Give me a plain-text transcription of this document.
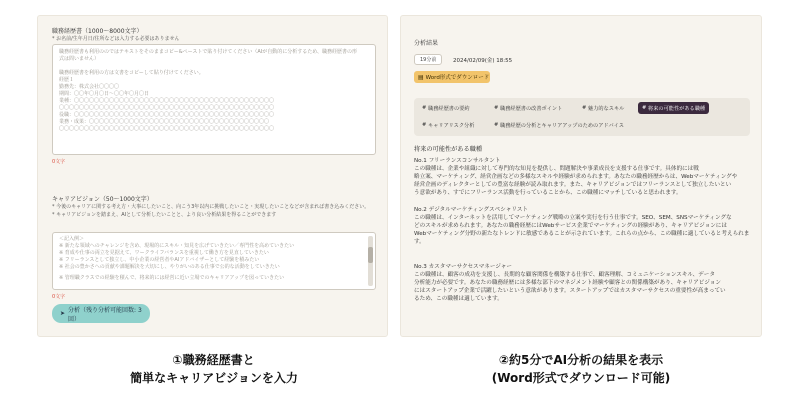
職務経歴書（1000〜8000文字）
* お名前/生年月日/住所などは入力する必要はありません
職務経歴書も利用ののではテキストをそのままコピー&ペーストで貼り付けてください（AIが自動的に分析するため、職務経歴書の形
式は問いません）
職務経歴書を利用の方は文書をコピーして貼り付けてください。
経歴１
勤務先：株式会社〇〇〇〇
期間：〇〇年〇月〇日〜〇〇年〇月〇日
業種：〇〇〇〇〇〇〇〇〇〇〇〇〇〇〇〇〇〇〇〇〇〇〇〇〇〇〇〇〇〇〇〇〇〇〇〇〇〇〇〇
〇〇〇〇〇〇〇〇〇〇〇〇〇〇〇〇〇〇〇〇〇〇〇〇〇〇〇〇〇〇〇〇〇〇〇〇〇〇〇〇〇〇〇
役職：〇〇〇〇〇〇〇〇〇〇〇〇〇〇〇〇〇〇〇〇〇〇〇〇〇〇〇〇〇〇〇〇〇〇〇〇〇〇〇〇
業務・成果：〇〇〇〇〇〇〇〇〇〇〇〇〇〇〇〇〇〇〇〇〇〇〇〇〇〇〇〇〇〇〇〇〇〇〇〇
〇〇〇〇〇〇〇〇〇〇〇〇〇〇〇〇〇〇〇〇〇〇〇〇〇〇〇〇〇〇〇〇〇〇〇〇〇〇〇〇〇〇〇
0文字
キャリアビジョン（50〜1000文字）
* 今後のキャリアに関する考え方・大事にしたいこと、向こう3年以内に挑戦したいこと・実現したいことなどが含まれば書き込みください。
* キャリアビジョンを踏まえ、AIとして分析したいことと、より良い分析結果を得ることができます
＜記入例＞
※ 新たな領域へのチャレンジを含め、現場的にスキル・知見を広げていきたい／専門性を高めていきたい
※ 育成や仕事の両立を見据えて、ワークライフバランスを重視して働き方を見直していきたい
※ フリーランスとして独立し、中小企業の経営者やAIアドバイザーとして経験を積みたい
※ 社会の豊かさへの貢献や課題解決を大切にし、やりがいのある仕事で公的な活動をしていきたい
※ 管理職クラスでの経験を積んで、将来的には経営に近い立場でのキャリアアップを図っていきたい
0文字
➤ 分析（残り分析可能回数: 3回）
分析結果
19分前	2024/02/09(金) 18:55
▤ Word形式でダウンロード
# 職務経歴書の要約	# 職務経歴書の改善ポイント	# 魅力的なスキル	# 将来の可能性がある職種
# キャリアリスク分析	# 職務経歴の分析とキャリアアップのためのアドバイス
将来の可能性がある職種
No.1 フリーランスコンサルタント
この職種は、企業や組織に対して専門的な知見を提供し、問題解決や事業成長を支援する仕事です。具体的には戦
略立案、マーケティング、経営企画などの多様なスキルや経験が求められます。あなたの職務経歴からは、Webマーケティングや
経営企画のディレクターとしての豊富な経験が読み取れます。また、キャリアビジョンではフリーランスとして独立したいとい
う意欲があり、すでにフリーランス活動を行っていることから、この職種にマッチしていると思われます。
No.2 デジタルマーケティングスペシャリスト
この職種は、インターネットを活用してマーケティング戦略の立案や実行を行う仕事です。SEO、SEM、SNSマーケティングな
どのスキルが求められます。あなたの職務経歴にはWebサービス企業でマーケティングの経験があり、キャリアビジョンには
Webマーケティング分野の新たなトレンドに敏感であることが示されています。これらの点から、この職種に適していると考えられま
す。
No.3 カスタマーサクセスマネージャー
この職種は、顧客の成功を支援し、長期的な顧客関係を構築する仕事で、顧客理解、コミュニケーションスキル、データ
分析能力が必要です。あなたの職務経歴には多様な部下のマネジメント経験や顧客との関係構築があり、キャリアビジョン
にはスタートアップ企業で活躍したいという意欲があります。スタートアップではカスタマーサクセスの重要性が高まってい
るため、この職種は適しています。
①職務経歴書と
簡単なキャリアビジョンを入力
②約5分でAI分析の結果を表示
(Word形式でダウンロード可能)
